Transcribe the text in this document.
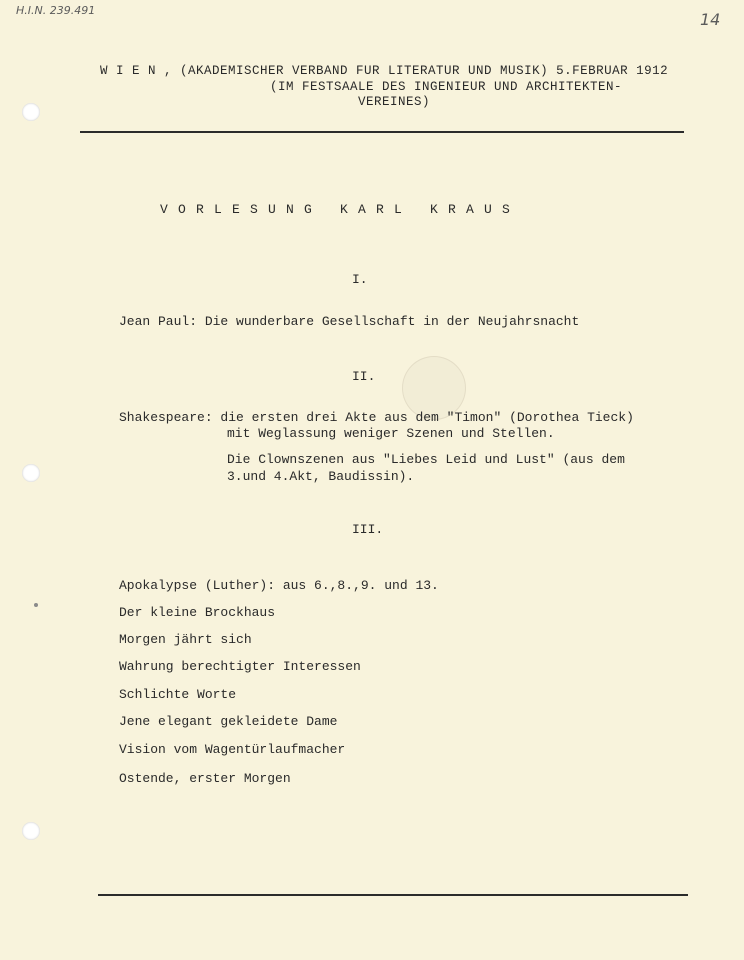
H.I.N. 239.491	14
W I E N , (AKADEMISCHER VERBAND FUR LITERATUR UND MUSIK) 5.FEBRUAR 1912
(IM FESTSAALE DES INGENIEUR UND ARCHITEKTEN-
VEREINES)
V O R L E S U N G   K A R L   K R A U S
I.
Jean Paul: Die wunderbare Gesellschaft in der Neujahrsnacht
II.
Shakespeare: die ersten drei Akte aus dem "Timon" (Dorothea Tieck)
mit Weglassung weniger Szenen und Stellen.
Die Clownszenen aus "Liebes Leid und Lust" (aus dem
3.und 4.Akt, Baudissin).
III.
Apokalypse (Luther): aus 6.,8.,9. und 13.
Der kleine Brockhaus
Morgen jährt sich
Wahrung berechtigter Interessen
Schlichte Worte
Jene elegant gekleidete Dame
Vision vom Wagentürlaufmacher
Ostende, erster Morgen
